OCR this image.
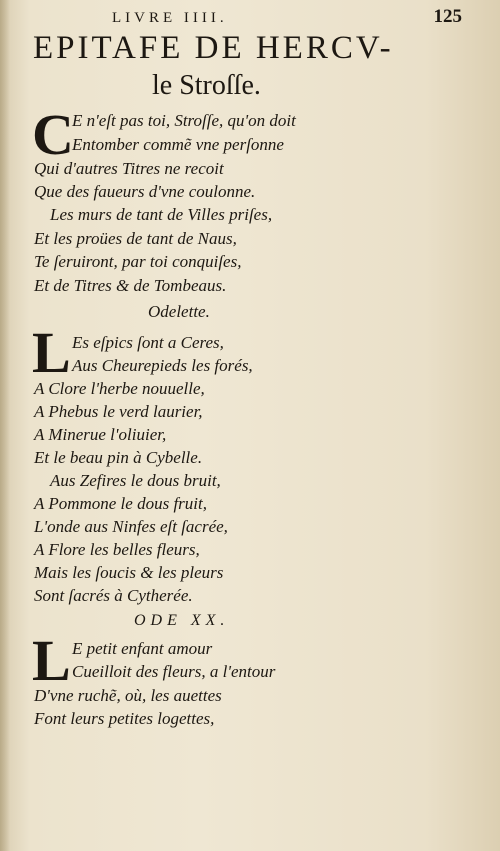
LIVRE IIII.	125
EPITAFE DE HERCV-
le Stroſſe.
C
E n'eſt pas toi, Stroſſe, qu'on doit
Entomber commẽ vne perſonne
Qui d'autres Titres ne recoit
Que des faueurs d'vne coulonne.
Les murs de tant de Villes priſes,
Et les proües de tant de Naus,
Te ſeruiront, par toi conquiſes,
Et de Titres & de Tombeaus.
Odelette.
L Es eſpics ſont a Ceres,
Aus Cheurepieds les forés,
A Clore l'herbe nouuelle,
A Phebus le verd laurier,
A Minerue l'oliuier,
Et le beau pin à Cybelle.
Aus Zefires le dous bruit,
A Pommone le dous fruit,
L'onde aus Ninfes eſt ſacrée,
A Flore les belles fleurs,
Mais les ſoucis & les pleurs
Sont ſacrés à Cytherée.
ODE XX.
L E petit enfant amour
Cueilloit des fleurs, a l'entour
D'vne ruchẽ, où, les auettes
Font leurs petites logettes,
